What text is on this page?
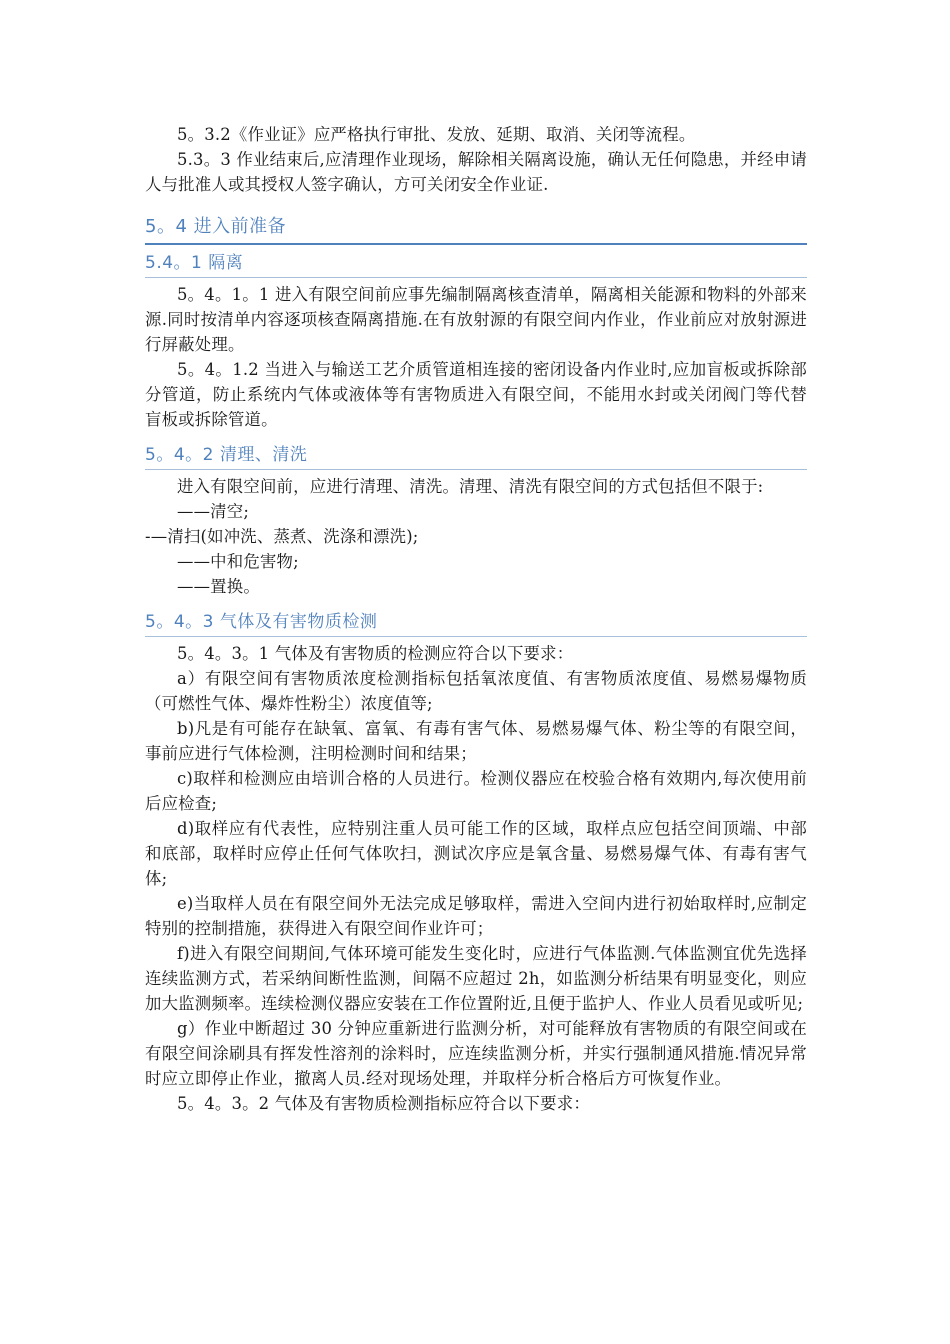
5。3.2《作业证》应严格执行审批、发放、延期、取消、关闭等流程。

5.3。3 作业结束后,应清理作业现场，解除相关隔离设施，确认无任何隐患，并经申请人与批准人或其授权人签字确认，方可关闭安全作业证.

5。4 进入前准备
5.4。1 隔离

5。4。1。1 进入有限空间前应事先编制隔离核查清单，隔离相关能源和物料的外部来源.同时按清单内容逐项核查隔离措施.在有放射源的有限空间内作业，作业前应对放射源进行屏蔽处理。

5。4。1.2 当进入与输送工艺介质管道相连接的密闭设备内作业时,应加盲板或拆除部分管道，防止系统内气体或液体等有害物质进入有限空间，不能用水封或关闭阀门等代替盲板或拆除管道。

5。4。2 清理、清洗

进入有限空间前，应进行清理、清洗。清理、清洗有限空间的方式包括但不限于:

——清空;

-—清扫(如冲洗、蒸煮、洗涤和漂洗);

——中和危害物;

——置换。

5。4。3 气体及有害物质检测

5。4。3。1 气体及有害物质的检测应符合以下要求：

a）有限空间有害物质浓度检测指标包括氧浓度值、有害物质浓度值、易燃易爆物质（可燃性气体、爆炸性粉尘）浓度值等;

b)凡是有可能存在缺氧、富氧、有毒有害气体、易燃易爆气体、粉尘等的有限空间，事前应进行气体检测，注明检测时间和结果；

c)取样和检测应由培训合格的人员进行。检测仪器应在校验合格有效期内,每次使用前后应检查;

d)取样应有代表性，应特别注重人员可能工作的区域，取样点应包括空间顶端、中部和底部，取样时应停止任何气体吹扫，测试次序应是氧含量、易燃易爆气体、有毒有害气体;

e)当取样人员在有限空间外无法完成足够取样，需进入空间内进行初始取样时,应制定特别的控制措施，获得进入有限空间作业许可；

f)进入有限空间期间,气体环境可能发生变化时，应进行气体监测.气体监测宜优先选择连续监测方式，若采纳间断性监测，间隔不应超过 2h，如监测分析结果有明显变化，则应加大监测频率。连续检测仪器应安装在工作位置附近,且便于监护人、作业人员看见或听见;

g）作业中断超过 30 分钟应重新进行监测分析，对可能释放有害物质的有限空间或在有限空间涂刷具有挥发性溶剂的涂料时，应连续监测分析，并实行强制通风措施.情况异常时应立即停止作业，撤离人员.经对现场处理，并取样分析合格后方可恢复作业。

5。4。3。2 气体及有害物质检测指标应符合以下要求：
